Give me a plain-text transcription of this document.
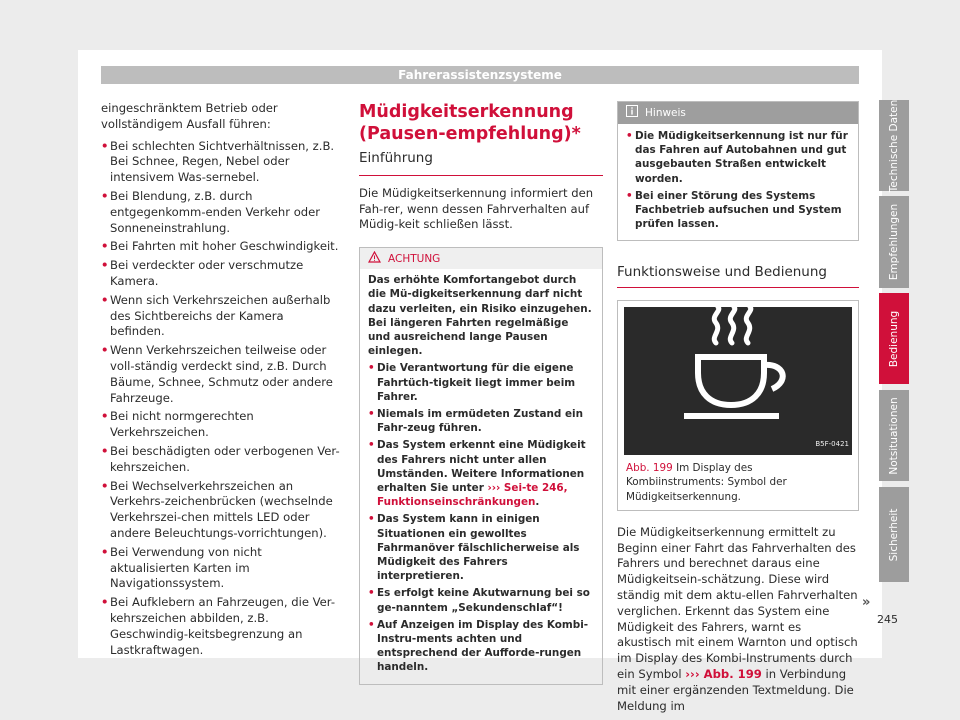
Fahrerassistenzsysteme

eingeschränktem Betrieb oder vollständigem Ausfall führen:

• Bei schlechten Sichtverhältnissen, z.B. Bei Schnee, Regen, Nebel oder intensivem Was-sernebel.
• Bei Blendung, z.B. durch entgegenkomm-enden Verkehr oder Sonneneinstrahlung.
• Bei Fahrten mit hoher Geschwindigkeit.
• Bei verdeckter oder verschmutze Kamera.
• Wenn sich Verkehrszeichen außerhalb des Sichtbereichs der Kamera befinden.
• Wenn Verkehrszeichen teilweise oder voll-ständig verdeckt sind, z.B. Durch Bäume, Schnee, Schmutz oder andere Fahrzeuge.
• Bei nicht normgerechten Verkehrszeichen.
• Bei beschädigten oder verbogenen Ver-kehrszeichen.
• Bei Wechselverkehrszeichen an Verkehrs-zeichenbrücken (wechselnde Verkehrszei-chen mittels LED oder andere Beleuchtungs-vorrichtungen).
• Bei Verwendung von nicht aktualisierten Karten im Navigationssystem.
• Bei Aufklebern an Fahrzeugen, die Ver-kehrszeichen abbilden, z.B. Geschwindig-keitsbegrenzung an Lastkraftwagen.
Müdigkeitserkennung (Pausen-empfehlung)*
Einführung

Die Müdigkeitserkennung informiert den Fah-rer, wenn dessen Fahrverhalten auf Müdig-keit schließen lässt.

ACHTUNG

Das erhöhte Komfortangebot durch die Mü-digkeitserkennung darf nicht dazu verleiten, ein Risiko einzugehen. Bei längeren Fahrten regelmäßige und ausreichend lange Pausen einlegen.

• Die Verantwortung für die eigene Fahrtüch-tigkeit liegt immer beim Fahrer.
• Niemals im ermüdeten Zustand ein Fahr-zeug führen.
• Das System erkennt eine Müdigkeit des Fahrers nicht unter allen Umständen. Weitere Informationen erhalten Sie unter ››› Sei-te 246, Funktionseinschränkungen.
• Das System kann in einigen Situationen ein gewolltes Fahrmanöver fälschlicherweise als Müdigkeit des Fahrers interpretieren.
• Es erfolgt keine Akutwarnung bei so ge-nanntem „Sekundenschlaf“!
• Auf Anzeigen im Display des Kombi-Instru-ments achten und entsprechend der Aufforde-rungen handeln.
Hinweis
• Die Müdigkeitserkennung ist nur für das Fahren auf Autobahnen und gut ausgebauten Straßen entwickelt worden.
• Bei einer Störung des Systems Fachbetrieb aufsuchen und System prüfen lassen.
Funktionsweise und Bedienung
B5F-0421
Abb. 199 Im Display des Kombiinstruments: Symbol der Müdigkeitserkennung.

Die Müdigkeitserkennung ermittelt zu Beginn einer Fahrt das Fahrverhalten des Fahrers und berechnet daraus eine Müdigkeitsein-schätzung. Diese wird ständig mit dem aktu-ellen Fahrverhalten verglichen. Erkennt das System eine Müdigkeit des Fahrers, warnt es akustisch mit einem Warnton und optisch im Display des Kombi-Instruments durch ein Symbol ››› Abb. 199 in Verbindung mit einer ergänzenden Textmeldung. Die Meldung im

»
Technische Daten
Empfehlungen
Bedienung
Notsituationen
Sicherheit
245
